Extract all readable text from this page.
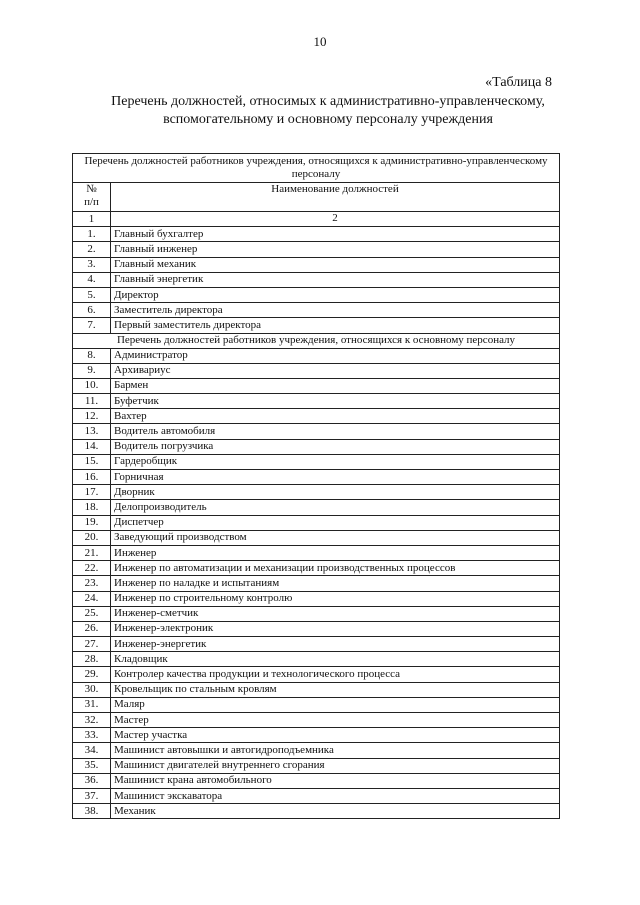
10
«Таблица 8
Перечень должностей, относимых к административно-управленческому,
вспомогательному и основному персоналу учреждения
Перечень должностей работников учреждения, относящихся к административно-управленческому персоналу	

№
п/п	Наименование должностей
1	2
1.	Главный бухгалтер
2.	Главный инженер
3.	Главный механик
4.	Главный энергетик
5.	Директор
6.	Заместитель директора
7.	Первый заместитель директора
Перечень должностей работников учреждения, относящихся к основному персоналу	
8.	Администратор
9.	Архивариус
10.	Бармен
11.	Буфетчик
12.	Вахтер
13.	Водитель автомобиля
14.	Водитель погрузчика
15.	Гардеробщик
16.	Горничная
17.	Дворник
18.	Делопроизводитель
19.	Диспетчер
20.	Заведующий производством
21.	Инженер
22.	Инженер по автоматизации и механизации производственных процессов
23.	Инженер по наладке и испытаниям
24.	Инженер по строительному контролю
25.	Инженер-сметчик
26.	Инженер-электроник
27.	Инженер-энергетик
28.	Кладовщик
29.	Контролер качества продукции и технологического процесса
30.	Кровельщик по стальным кровлям
31.	Маляр
32.	Мастер
33.	Мастер участка
34.	Машинист автовышки и автогидроподъемника
35.	Машинист двигателей внутреннего сгорания
36.	Машинист крана автомобильного
37.	Машинист экскаватора
38.	Механик
